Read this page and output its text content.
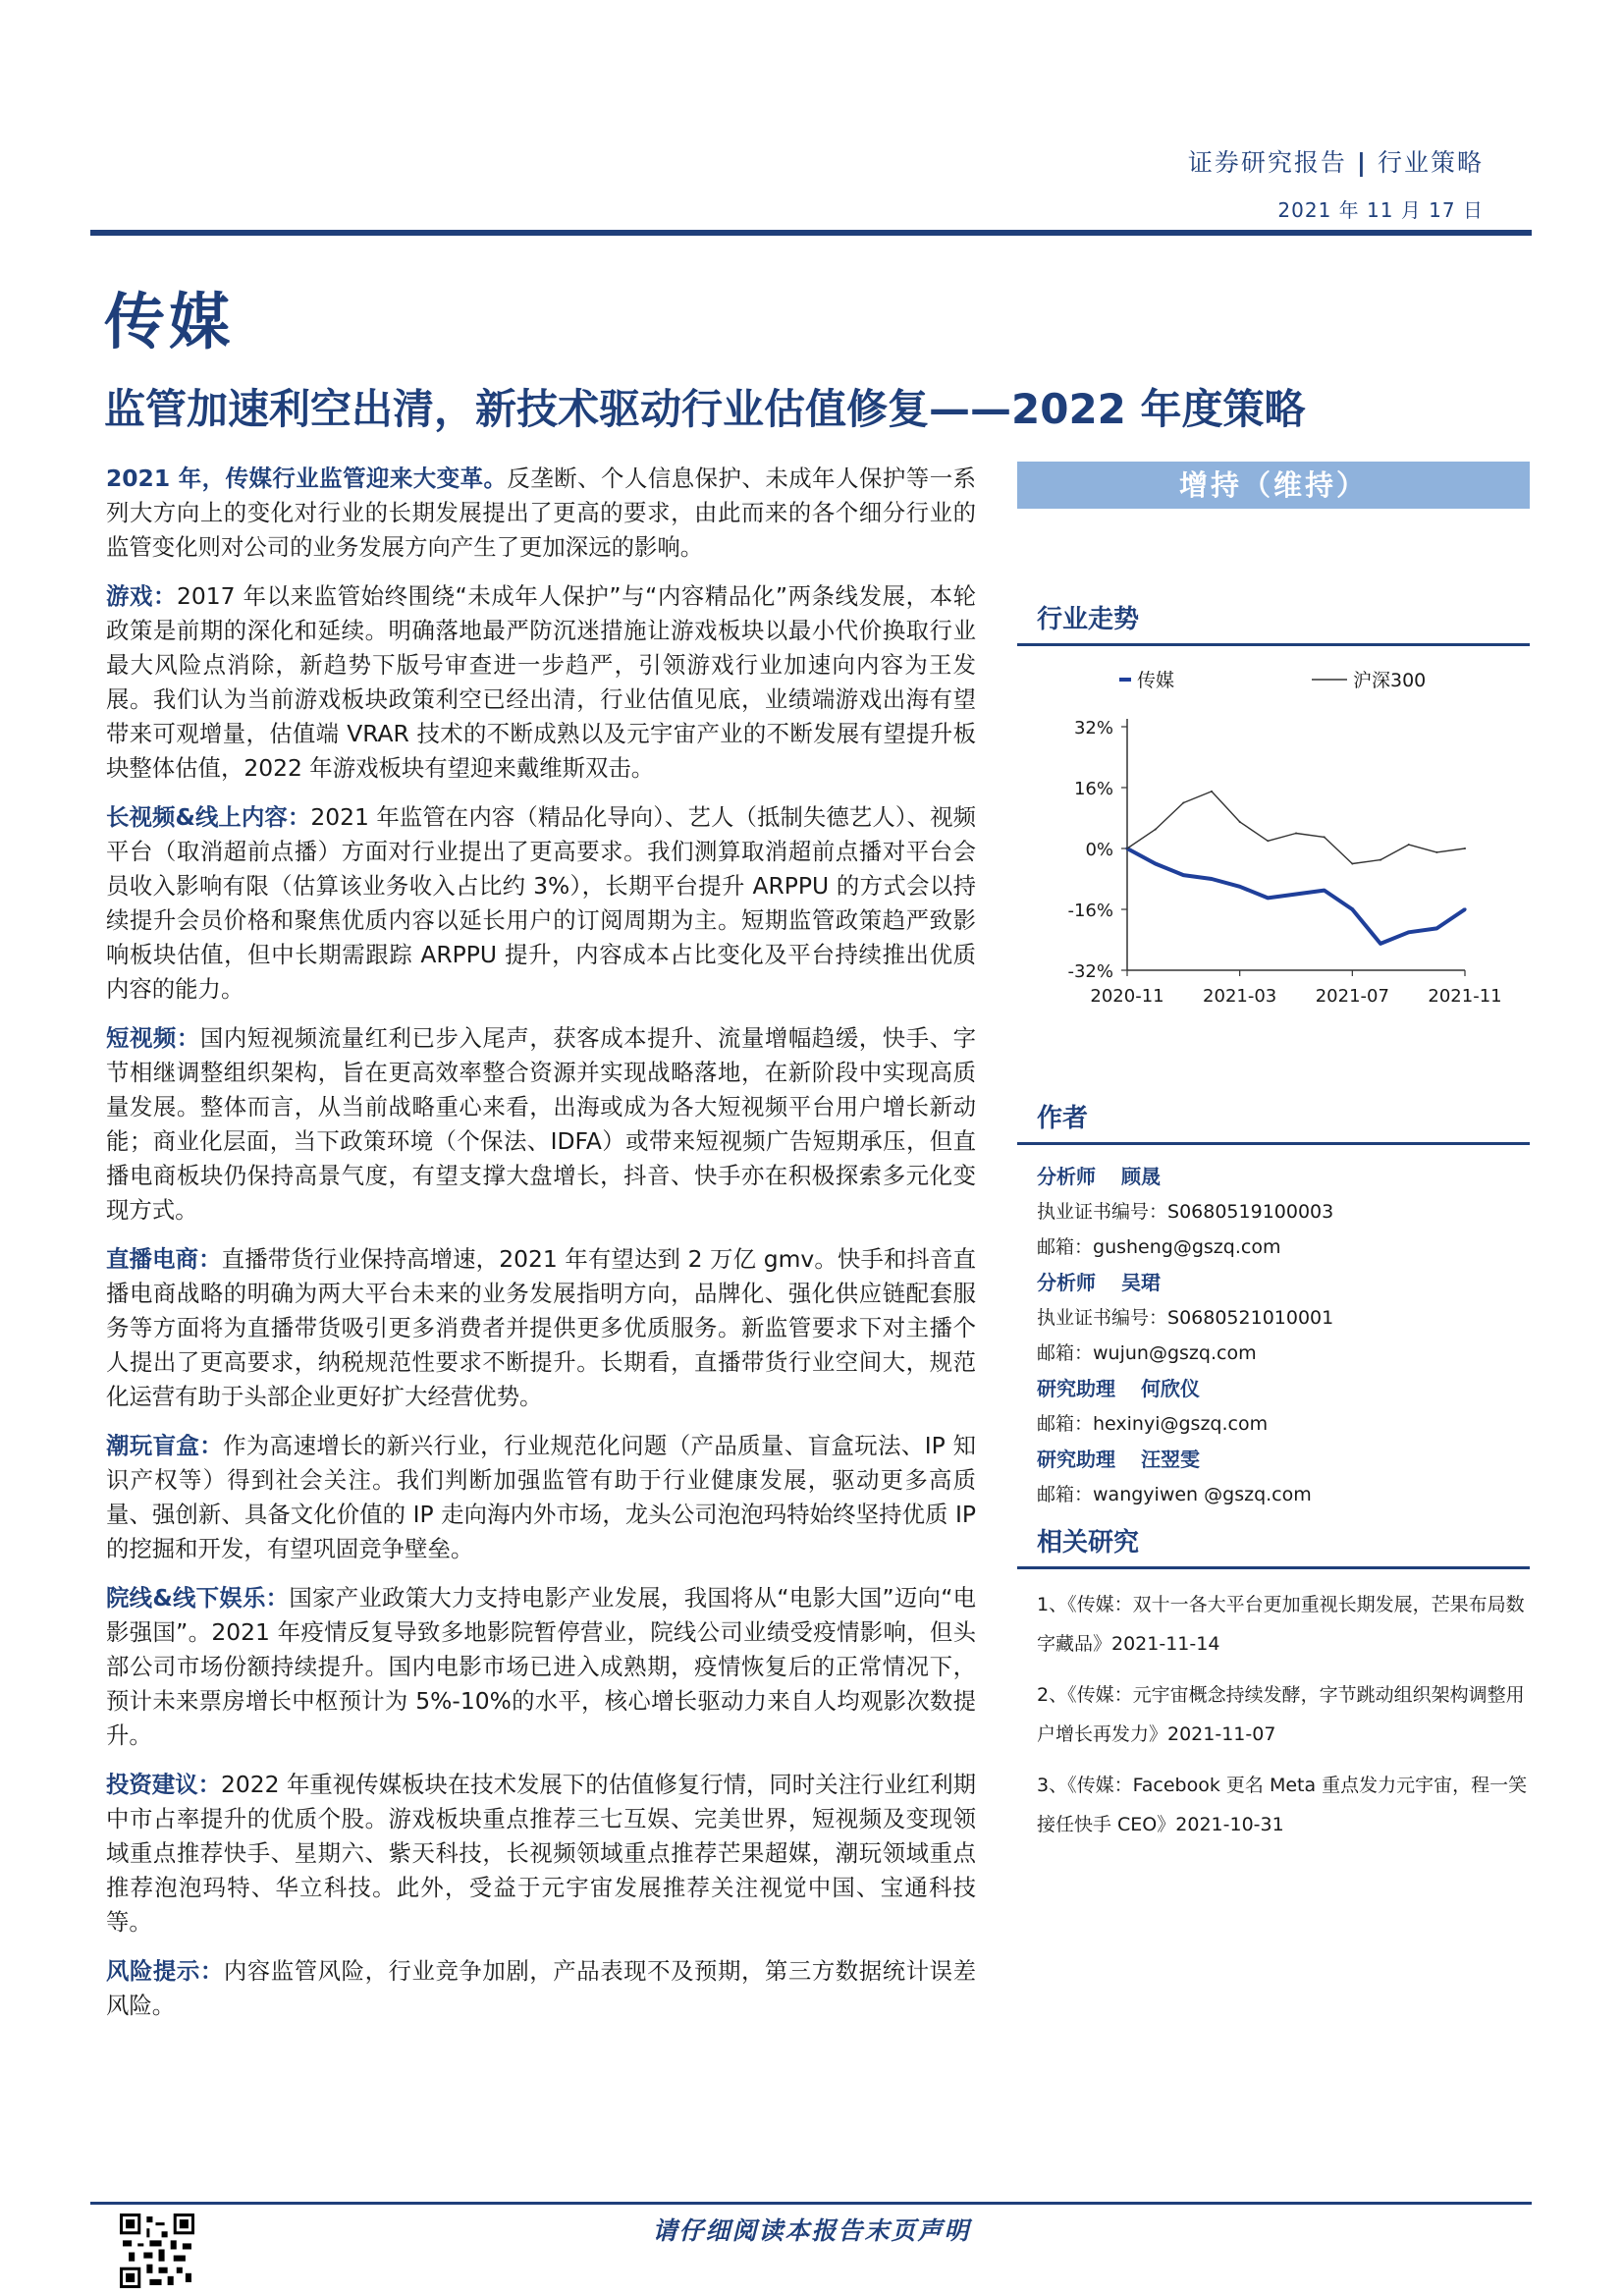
证券研究报告 | 行业策略
2021 年 11 月 17 日
传媒
监管加速利空出清，新技术驱动行业估值修复——2022 年度策略

2021 年，传媒行业监管迎来大变革。反垄断、个人信息保护、未成年人保护等一系列大方向上的变化对行业的长期发展提出了更高的要求，由此而来的各个细分行业的监管变化则对公司的业务发展方向产生了更加深远的影响。

游戏：2017 年以来监管始终围绕“未成年人保护”与“内容精品化”两条线发展，本轮政策是前期的深化和延续。明确落地最严防沉迷措施让游戏板块以最小代价换取行业最大风险点消除，新趋势下版号审查进一步趋严，引领游戏行业加速向内容为王发展。我们认为当前游戏板块政策利空已经出清，行业估值见底，业绩端游戏出海有望带来可观增量，估值端 VRAR 技术的不断成熟以及元宇宙产业的不断发展有望提升板块整体估值，2022 年游戏板块有望迎来戴维斯双击。

长视频&线上内容：2021 年监管在内容（精品化导向）、艺人（抵制失德艺人）、视频平台（取消超前点播）方面对行业提出了更高要求。我们测算取消超前点播对平台会员收入影响有限（估算该业务收入占比约 3%），长期平台提升 ARPPU 的方式会以持续提升会员价格和聚焦优质内容以延长用户的订阅周期为主。短期监管政策趋严致影响板块估值，但中长期需跟踪 ARPPU 提升，内容成本占比变化及平台持续推出优质内容的能力。

短视频：国内短视频流量红利已步入尾声，获客成本提升、流量增幅趋缓，快手、字节相继调整组织架构，旨在更高效率整合资源并实现战略落地，在新阶段中实现高质量发展。整体而言，从当前战略重心来看，出海或成为各大短视频平台用户增长新动能；商业化层面，当下政策环境（个保法、IDFA）或带来短视频广告短期承压，但直播电商板块仍保持高景气度，有望支撑大盘增长，抖音、快手亦在积极探索多元化变现方式。

直播电商：直播带货行业保持高增速，2021 年有望达到 2 万亿 gmv。快手和抖音直播电商战略的明确为两大平台未来的业务发展指明方向，品牌化、强化供应链配套服务等方面将为直播带货吸引更多消费者并提供更多优质服务。新监管要求下对主播个人提出了更高要求，纳税规范性要求不断提升。长期看，直播带货行业空间大，规范化运营有助于头部企业更好扩大经营优势。

潮玩盲盒：作为高速增长的新兴行业，行业规范化问题（产品质量、盲盒玩法、IP 知识产权等）得到社会关注。我们判断加强监管有助于行业健康发展，驱动更多高质量、强创新、具备文化价值的 IP 走向海内外市场，龙头公司泡泡玛特始终坚持优质 IP 的挖掘和开发，有望巩固竞争壁垒。

院线&线下娱乐：国家产业政策大力支持电影产业发展，我国将从“电影大国”迈向“电影强国”。2021 年疫情反复导致多地影院暂停营业，院线公司业绩受疫情影响，但头部公司市场份额持续提升。国内电影市场已进入成熟期，疫情恢复后的正常情况下，预计未来票房增长中枢预计为 5%-10%的水平，核心增长驱动力来自人均观影次数提升。

投资建议：2022 年重视传媒板块在技术发展下的估值修复行情，同时关注行业红利期中市占率提升的优质个股。游戏板块重点推荐三七互娱、完美世界，短视频及变现领域重点推荐快手、星期六、紫天科技，长视频领域重点推荐芒果超媒，潮玩领域重点推荐泡泡玛特、华立科技。此外，受益于元宇宙发展推荐关注视觉中国、宝通科技等。

风险提示：内容监管风险，行业竞争加剧，产品表现不及预期，第三方数据统计误差风险。

增持（维持）
行业走势
传媒	沪深300
32%
16%
0%
-16%
-32%
2020-11 2021-03 2021-07 2021-11
作者
分析师 顾晟
执业证书编号：S0680519100003
邮箱：gusheng@gszq.com
分析师 吴珺
执业证书编号：S0680521010001
邮箱：wujun@gszq.com
研究助理 何欣仪
邮箱：hexinyi@gszq.com
研究助理 汪翌雯
邮箱：wangyiwen @gszq.com
相关研究
1、《传媒：双十一各大平台更加重视长期发展，芒果布局数字藏品》2021-11-14
2、《传媒：元宇宙概念持续发酵，字节跳动组织架构调整用户增长再发力》2021-11-07
3、《传媒：Facebook 更名 Meta 重点发力元宇宙，程一笑接任快手 CEO》2021-10-31
请仔细阅读本报告末页声明
